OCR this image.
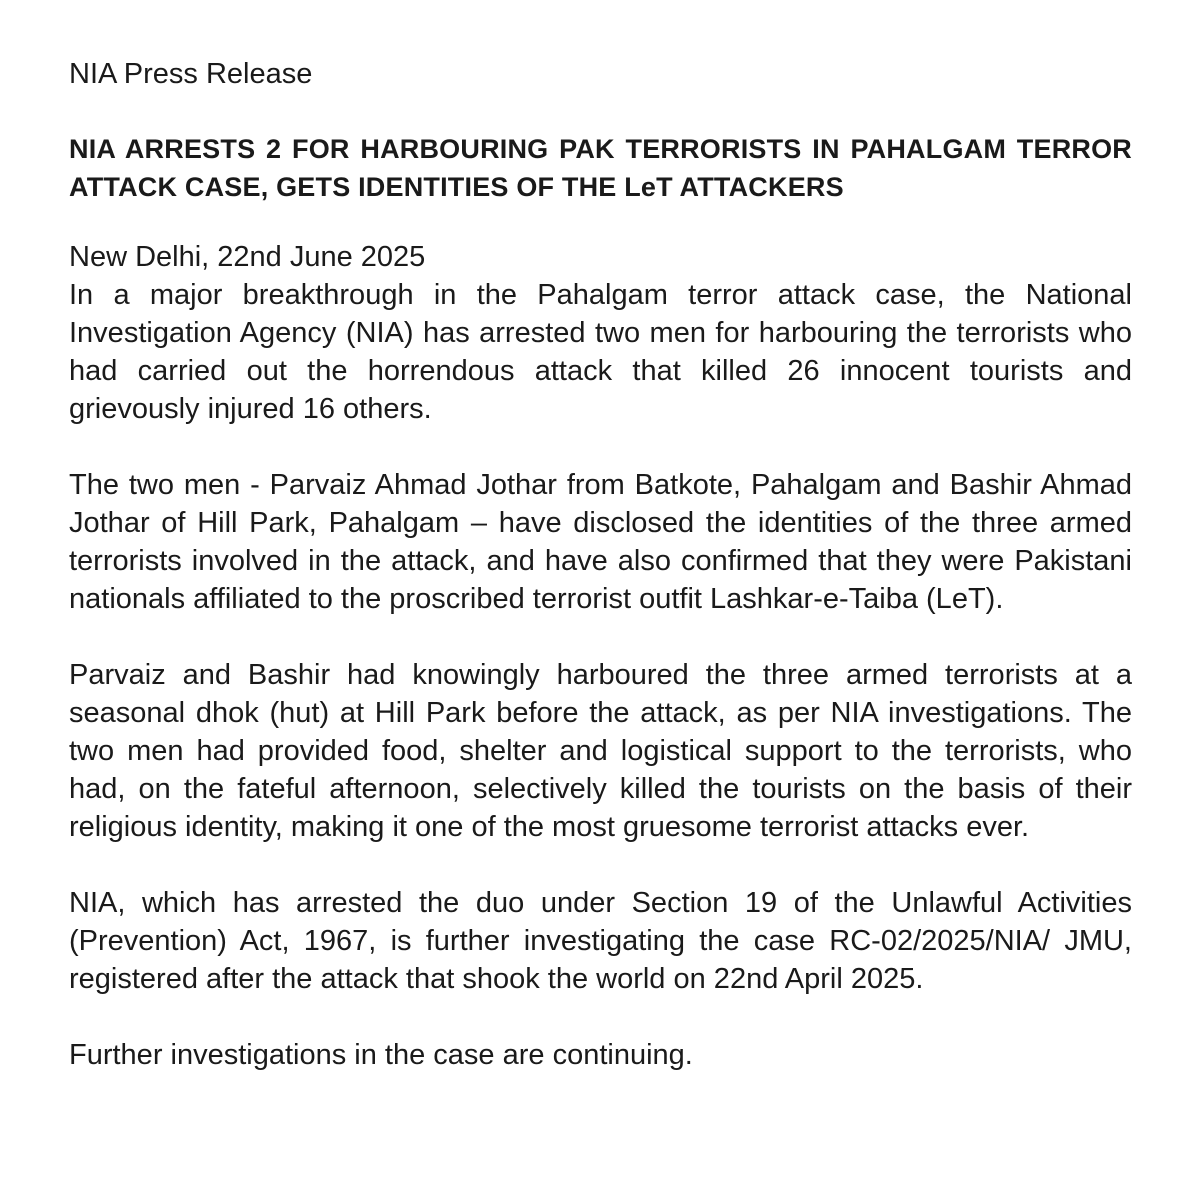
NIA Press Release

NIA ARRESTS 2 FOR HARBOURING PAK TERRORISTS IN PAHALGAM TERROR ATTACK CASE, GETS IDENTITIES OF THE LeT ATTACKERS

New Delhi, 22nd June 2025

In a major breakthrough in the Pahalgam terror attack case, the National Investigation Agency (NIA) has arrested two men for harbouring the terrorists who had carried out the horrendous attack that killed 26 innocent tourists and grievously injured 16 others.

The two men - Parvaiz Ahmad Jothar from Batkote, Pahalgam and Bashir Ahmad Jothar of Hill Park, Pahalgam – have disclosed the identities of the three armed terrorists involved in the attack, and have also confirmed that they were Pakistani nationals affiliated to the proscribed terrorist outfit Lashkar-e-Taiba (LeT).

Parvaiz and Bashir had knowingly harboured the three armed terrorists at a seasonal dhok (hut) at Hill Park before the attack, as per NIA investigations. The two men had provided food, shelter and logistical support to the terrorists, who had, on the fateful afternoon, selectively killed the tourists on the basis of their religious identity, making it one of the most gruesome terrorist attacks ever.

NIA, which has arrested the duo under Section 19 of the Unlawful Activities (Prevention) Act, 1967, is further investigating the case RC-02/2025/NIA/ JMU, registered after the attack that shook the world on 22nd April 2025.

Further investigations in the case are continuing.
